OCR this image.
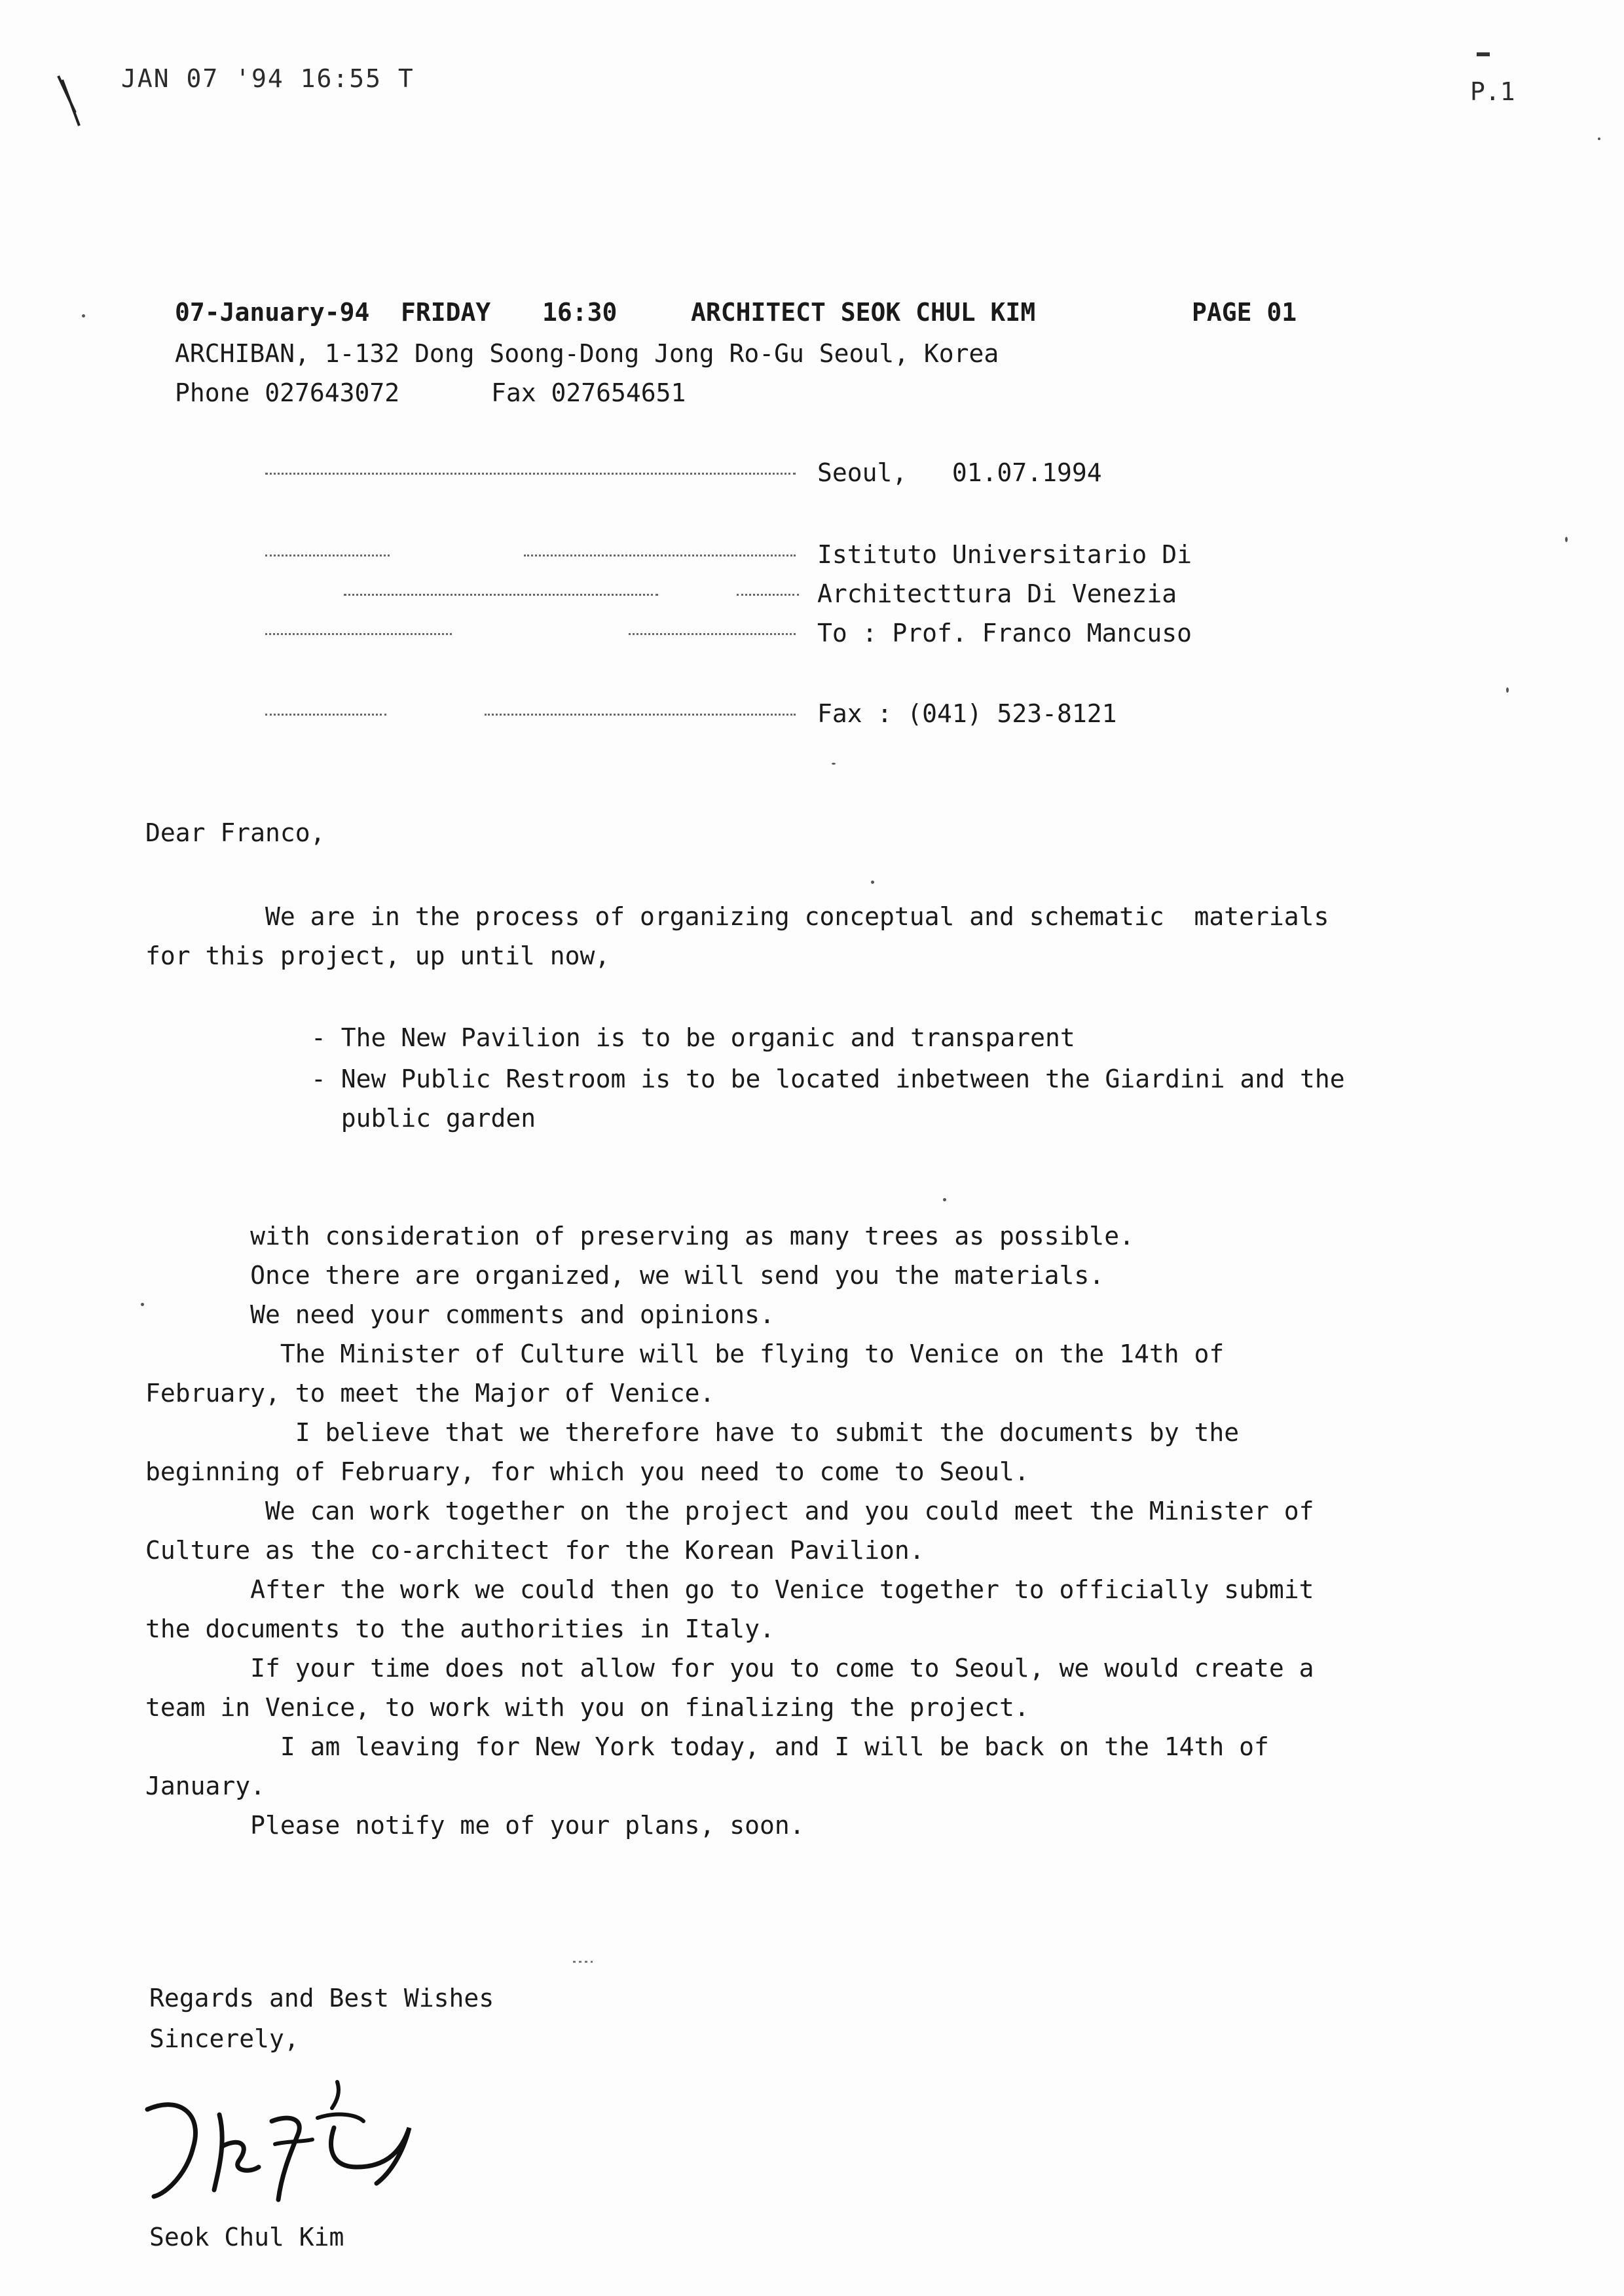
JAN 07 '94 16:55 T	P.1
07-January-94 FRIDAY 16:30	ARCHITECT SEOK CHUL KIM	PAGE 01
ARCHIBAN, 1-132 Dong Soong-Dong Jong Ro-Gu Seoul, Korea
Phone 027643072	Fax 027654651
Seoul,   01.07.1994
Istituto Universitario Di
Architecttura Di Venezia
To : Prof. Franco Mancuso
Fax : (041) 523-8121
Dear Franco,
We are in the process of organizing conceptual and schematic  materials
for this project, up until now,
- The New Pavilion is to be organic and transparent
- New Public Restroom is to be located inbetween the Giardini and the
public garden
with consideration of preserving as many trees as possible.
Once there are organized, we will send you the materials.
We need your comments and opinions.
The Minister of Culture will be flying to Venice on the 14th of
February, to meet the Major of Venice.
I believe that we therefore have to submit the documents by the
beginning of February, for which you need to come to Seoul.
We can work together on the project and you could meet the Minister of
Culture as the co-architect for the Korean Pavilion.
After the work we could then go to Venice together to officially submit
the documents to the authorities in Italy.
If your time does not allow for you to come to Seoul, we would create a
team in Venice, to work with you on finalizing the project.
I am leaving for New York today, and I will be back on the 14th of
January.
Please notify me of your plans, soon.
Regards and Best Wishes
Sincerely,
Seok Chul Kim
